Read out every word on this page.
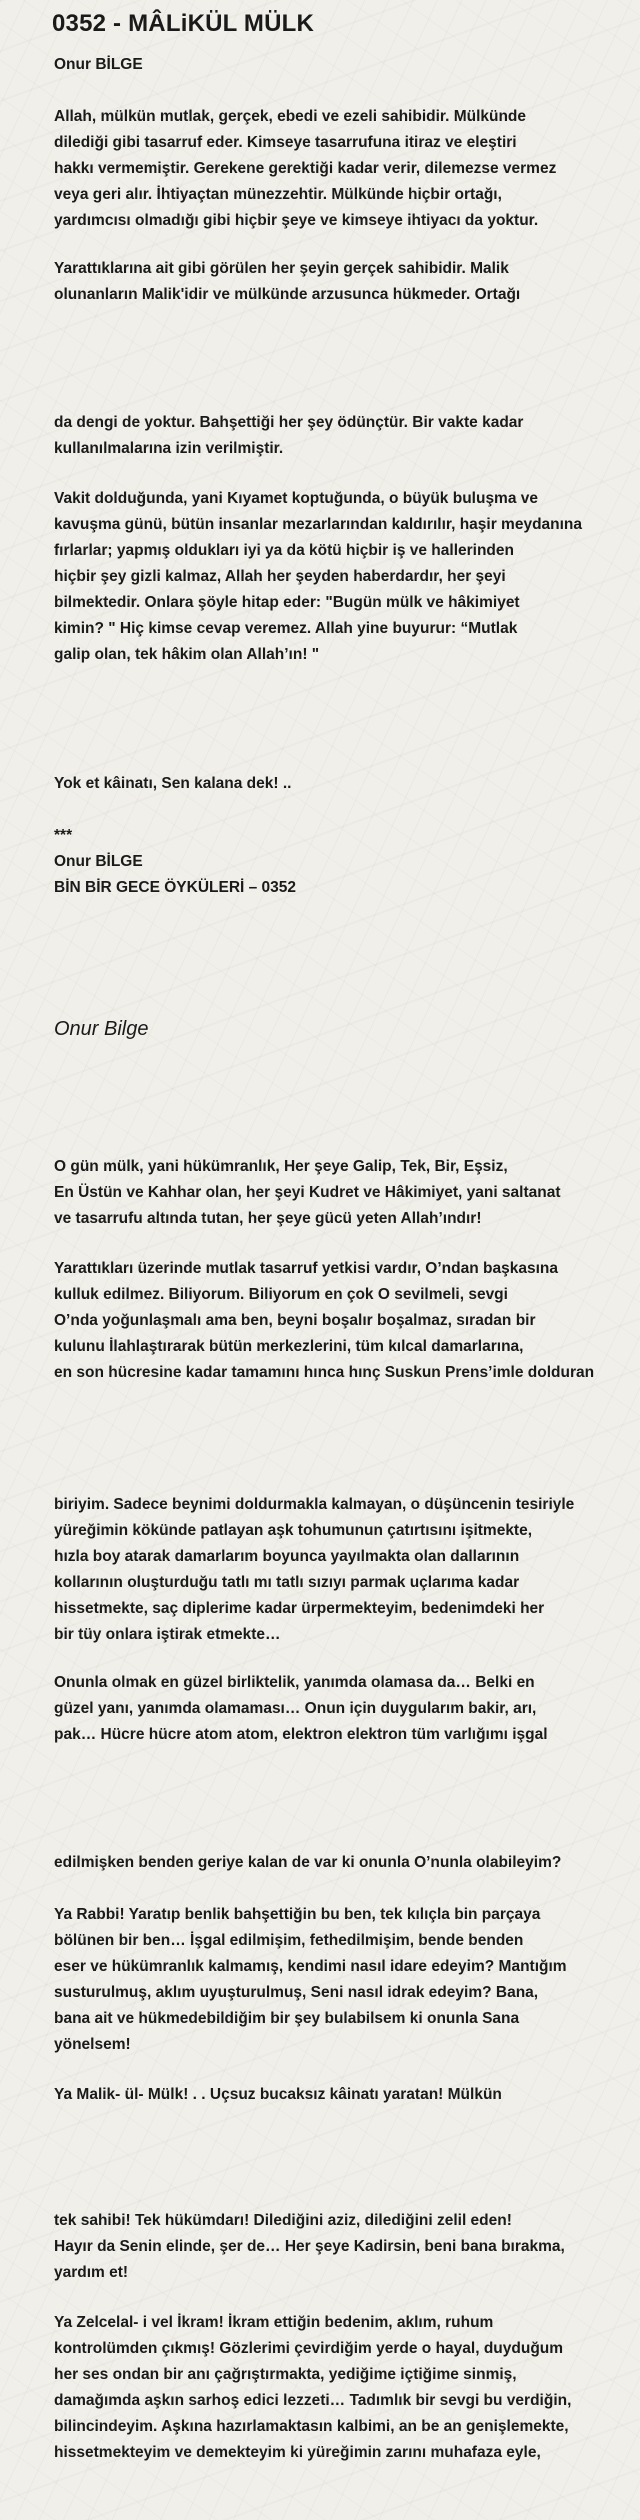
0352 - MÂLiKÜL MÜLK

Onur BİLGE

Allah, mülkün mutlak, gerçek, ebedi ve ezeli sahibidir. Mülkünde
dilediği gibi tasarruf eder. Kimseye tasarrufuna itiraz ve eleştiri
hakkı vermemiştir. Gerekene gerektiği kadar verir, dilemezse vermez
veya geri alır. İhtiyaçtan münezzehtir. Mülkünde hiçbir ortağı,
yardımcısı olmadığı gibi hiçbir şeye ve kimseye ihtiyacı da yoktur.
Yarattıklarına ait gibi görülen her şeyin gerçek sahibidir. Malik
olunanların Malik'idir ve mülkünde arzusunca hükmeder. Ortağı
da dengi de yoktur. Bahşettiği her şey ödünçtür. Bir vakte kadar
kullanılmalarına izin verilmiştir.
Vakit dolduğunda, yani Kıyamet koptuğunda, o büyük buluşma ve
kavuşma günü, bütün insanlar mezarlarından kaldırılır, haşir meydanına
fırlarlar; yapmış oldukları iyi ya da kötü hiçbir iş ve hallerinden
hiçbir şey gizli kalmaz, Allah her şeyden haberdardır, her şeyi
bilmektedir. Onlara şöyle hitap eder: "Bugün mülk ve hâkimiyet
kimin? " Hiç kimse cevap veremez. Allah yine buyurur: “Mutlak
galip olan, tek hâkim olan Allah’ın! "
Yok et kâinatı, Sen kalana dek! ..
***
Onur BİLGE
BİN BİR GECE ÖYKÜLERİ – 0352

Onur Bilge

O gün mülk, yani hükümranlık, Her şeye Galip, Tek, Bir, Eşsiz,
En Üstün ve Kahhar olan, her şeyi Kudret ve Hâkimiyet, yani saltanat
ve tasarrufu altında tutan, her şeye gücü yeten Allah’ındır!
Yarattıkları üzerinde mutlak tasarruf yetkisi vardır, O’ndan başkasına
kulluk edilmez. Biliyorum. Biliyorum en çok O sevilmeli, sevgi
O’nda yoğunlaşmalı ama ben, beyni boşalır boşalmaz, sıradan bir
kulunu İlahlaştırarak bütün merkezlerini, tüm kılcal damarlarına,
en son hücresine kadar tamamını hınca hınç Suskun Prens’imle dolduran
biriyim. Sadece beynimi doldurmakla kalmayan, o düşüncenin tesiriyle
yüreğimin kökünde patlayan aşk tohumunun çatırtısını işitmekte,
hızla boy atarak damarlarım boyunca yayılmakta olan dallarının
kollarının oluşturduğu tatlı mı tatlı sızıyı parmak uçlarıma kadar
hissetmekte, saç diplerime kadar ürpermekteyim, bedenimdeki her
bir tüy onlara iştirak etmekte…
Onunla olmak en güzel birliktelik, yanımda olamasa da… Belki en
güzel yanı, yanımda olamaması… Onun için duygularım bakir, arı,
pak… Hücre hücre atom atom, elektron elektron tüm varlığımı işgal
edilmişken benden geriye kalan de var ki onunla O’nunla olabileyim?
Ya Rabbi! Yaratıp benlik bahşettiğin bu ben, tek kılıçla bin parçaya
bölünen bir ben… İşgal edilmişim, fethedilmişim, bende benden
eser ve hükümranlık kalmamış, kendimi nasıl idare edeyim? Mantığım
susturulmuş, aklım uyuşturulmuş, Seni nasıl idrak edeyim? Bana,
bana ait ve hükmedebildiğim bir şey bulabilsem ki onunla Sana
yönelsem!
Ya Malik- ül- Mülk! . . Uçsuz bucaksız kâinatı yaratan! Mülkün
tek sahibi! Tek hükümdarı! Dilediğini aziz, dilediğini zelil eden!
Hayır da Senin elinde, şer de… Her şeye Kadirsin, beni bana bırakma,
yardım et!
Ya Zelcelal- i vel İkram! İkram ettiğin bedenim, aklım, ruhum
kontrolümden çıkmış! Gözlerimi çevirdiğim yerde o hayal, duyduğum
her ses ondan bir anı çağrıştırmakta, yediğime içtiğime sinmiş,
damağımda aşkın sarhoş edici lezzeti… Tadımlık bir sevgi bu verdiğin,
bilincindeyim. Aşkına hazırlamaktasın kalbimi, an be an genişlemekte,
hissetmekteyim ve demekteyim ki yüreğimin zarını muhafaza eyle,
